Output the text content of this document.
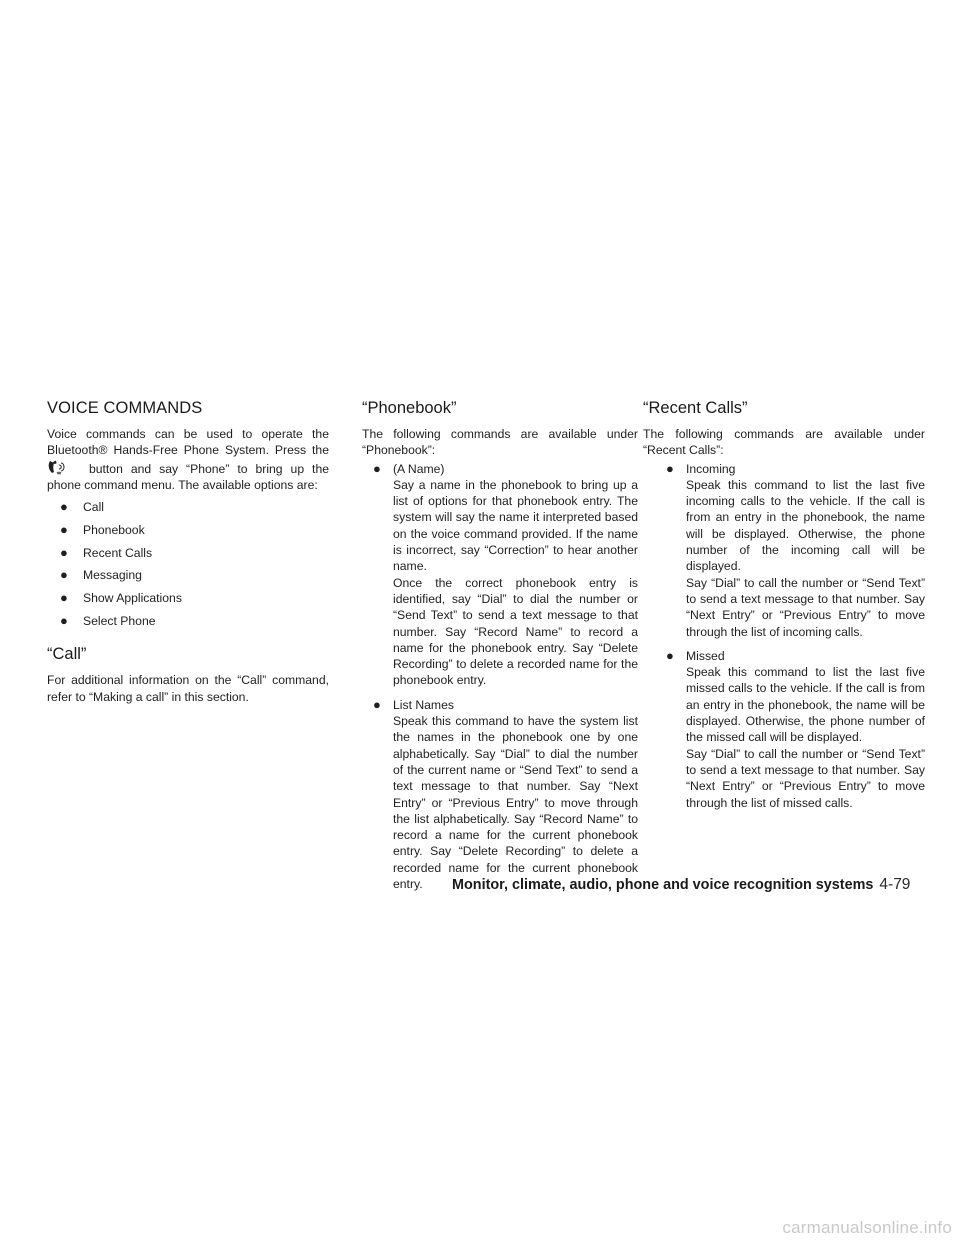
VOICE COMMANDS

Voice commands can be used to operate the Bluetooth® Hands-Free Phone System. Press the  button and say “Phone” to bring up the phone command menu. The available options are:

● Call
● Phonebook
● Recent Calls
● Messaging
● Show Applications
● Select Phone
“Call”

For additional information on the “Call” command, refer to “Making a call” in this section.

“Phonebook”

The following commands are available under “Phonebook”:

● (A Name)
Say a name in the phonebook to bring up a list of options for that phonebook entry. The system will say the name it interpreted based on the voice command provided. If the name is incorrect, say “Correction” to hear another name.
Once the correct phonebook entry is identified, say “Dial” to dial the number or “Send Text” to send a text message to that number. Say “Record Name” to record a name for the phonebook entry. Say “Delete Recording” to delete a recorded name for the phonebook entry.
● List Names
Speak this command to have the system list the names in the phonebook one by one alphabetically. Say “Dial” to dial the number of the current name or “Send Text” to send a text message to that number. Say “Next Entry” or “Previous Entry” to move through the list alphabetically. Say “Record Name” to record a name for the current phonebook entry. Say “Delete Recording” to delete a recorded name for the current phonebook entry.
“Recent Calls”

The following commands are available under “Recent Calls”:

● Incoming
Speak this command to list the last five incoming calls to the vehicle. If the call is from an entry in the phonebook, the name will be displayed. Otherwise, the phone number of the incoming call will be displayed.
Say “Dial” to call the number or “Send Text” to send a text message to that number. Say “Next Entry” or “Previous Entry” to move through the list of incoming calls.
● Missed
Speak this command to list the last five missed calls to the vehicle. If the call is from an entry in the phonebook, the name will be displayed. Otherwise, the phone number of the missed call will be displayed.
Say “Dial” to call the number or “Send Text” to send a text message to that number. Say “Next Entry” or “Previous Entry” to move through the list of missed calls.
Monitor, climate, audio, phone and voice recognition systems 4-79
carmanualsonline.info
